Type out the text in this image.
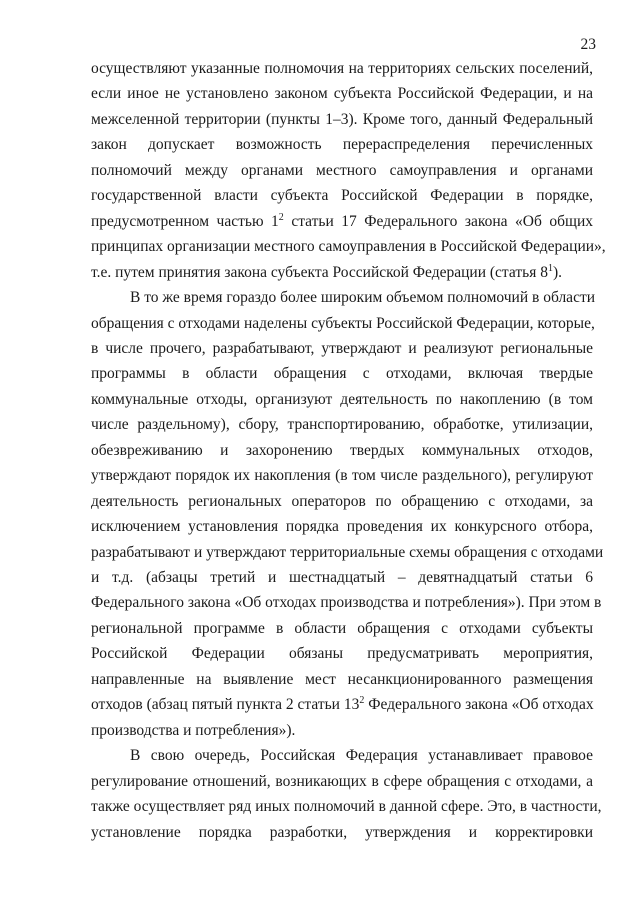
23
осуществляют указанные полномочия на территориях сельских поселений,
если иное не установлено законом субъекта Российской Федерации, и на
межселенной территории (пункты 1–3). Кроме того, данный Федеральный
закон допускает возможность перераспределения перечисленных
полномочий между органами местного самоуправления и органами
государственной власти субъекта Российской Федерации в порядке,
предусмотренном частью $1^2$ статьи 17 Федерального закона «Об общих
принципах организации местного самоуправления в Российской Федерации»,
т.е. путем принятия закона субъекта Российской Федерации (статья $8^1$).
В то же время гораздо более широким объемом полномочий в области
обращения с отходами наделены субъекты Российской Федерации, которые,
в числе прочего, разрабатывают, утверждают и реализуют региональные
программы в области обращения с отходами, включая твердые
коммунальные отходы, организуют деятельность по накоплению (в том
числе раздельному), сбору, транспортированию, обработке, утилизации,
обезвреживанию и захоронению твердых коммунальных отходов,
утверждают порядок их накопления (в том числе раздельного), регулируют
деятельность региональных операторов по обращению с отходами, за
исключением установления порядка проведения их конкурсного отбора,
разрабатывают и утверждают территориальные схемы обращения с отходами
и т.д. (абзацы третий и шестнадцатый – девятнадцатый статьи 6
Федерального закона «Об отходах производства и потребления»). При этом в
региональной программе в области обращения с отходами субъекты
Российской Федерации обязаны предусматривать мероприятия,
направленные на выявление мест несанкционированного размещения
отходов (абзац пятый пункта 2 статьи $13^2$ Федерального закона «Об отходах
производства и потребления»).
В свою очередь, Российская Федерация устанавливает правовое
регулирование отношений, возникающих в сфере обращения с отходами, а
также осуществляет ряд иных полномочий в данной сфере. Это, в частности,
установление порядка разработки, утверждения и корректировки
